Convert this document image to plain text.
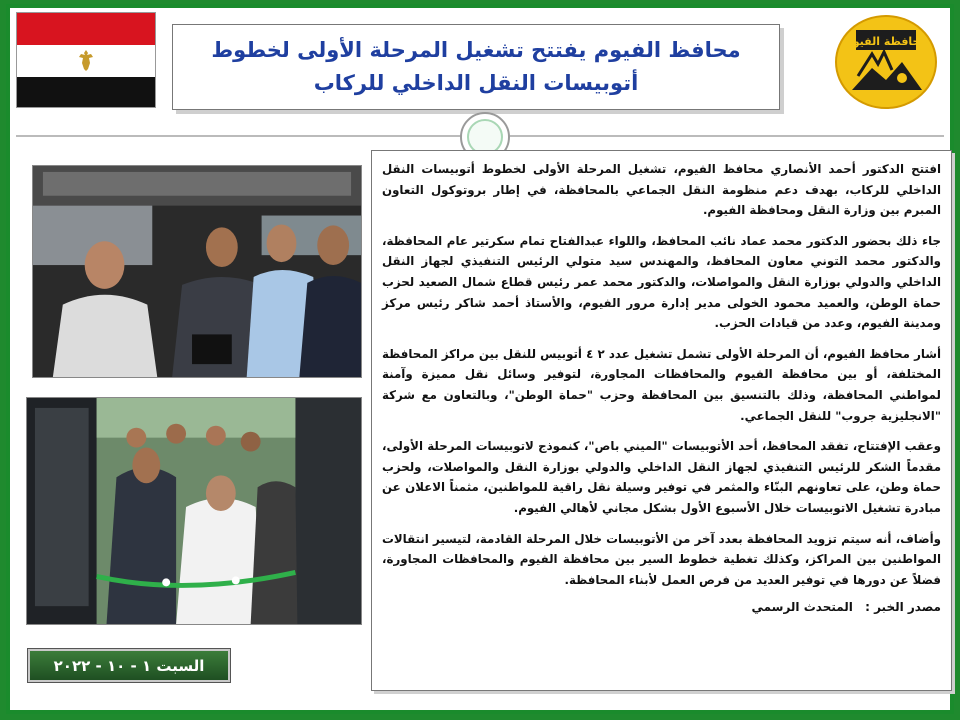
محافظ الفيوم يفتتح تشغيل المرحلة الأولى لخطوط أتوبيسات النقل الداخلي للركاب
محافظة الفيوم
السبت ١ - ١٠ - ٢٠٢٢

افتتح الدكتور أحمد الأنصاري محافظ الفيوم، تشغيل المرحلة الأولى لخطوط أتوبيسات النقل الداخلي للركاب، بهدف دعم منظومة النقل الجماعي بالمحافظة، في إطار بروتوكول التعاون المبرم بين وزارة النقل ومحافظة الفيوم.

جاء ذلك بحضور الدكتور محمد عماد نائب المحافظ، واللواء عبدالفتاح تمام سكرتير عام المحافظة، والدكتور محمد التوني معاون المحافظ، والمهندس سيد متولي الرئيس التنفيذي لجهاز النقل الداخلي والدولي بوزارة النقل والمواصلات، والدكتور محمد عمر رئيس قطاع شمال الصعيد لحزب حماة الوطن، والعميد محمود الخولى مدير إدارة مرور الفيوم، والأستاذ أحمد شاكر رئيس مركز ومدينة الفيوم، وعدد من قيادات الحزب.

أشار محافظ الفيوم، أن المرحلة الأولى تشمل تشغيل عدد ٢ ٤ أتوبيس للنقل بين مراكز المحافظة المختلفة، أو بين محافظة الفيوم والمحافظات المجاورة، لتوفير وسائل نقل مميزة وآمنة لمواطني المحافظة، وذلك بالتنسيق بين المحافظة وحزب "حماة الوطن"، وبالتعاون مع شركة "الانجليزية جروب" للنقل الجماعي.

وعقب الإفتتاح، تفقد المحافظ، أحد الأتوبيسات "الميني باص"، كنموذج لاتوبيسات المرحلة الأولى، مقدماً الشكر للرئيس التنفيذي لجهاز النقل الداخلي والدولي بوزارة النقل والمواصلات، ولحزب حماة وطن، على تعاونهم البنّاء والمثمر في توفير وسيلة نقل راقية للمواطنين، مثمناً الاعلان عن مبادرة تشغيل الاتوبيسات خلال الأسبوع الأول بشكل مجاني لأهالي الفيوم.

وأضاف، أنه سيتم تزويد المحافظة بعدد آخر من الأتوبيسات خلال المرحلة القادمة، لتيسير انتقالات المواطنين بين المراكز، وكذلك تغطية خطوط السير بين محافظة الفيوم والمحافظات المجاورة، فضلاً عن دورها في توفير العديد من فرص العمل لأبناء المحافظة.

مصدر الخبر : المتحدث الرسمي
